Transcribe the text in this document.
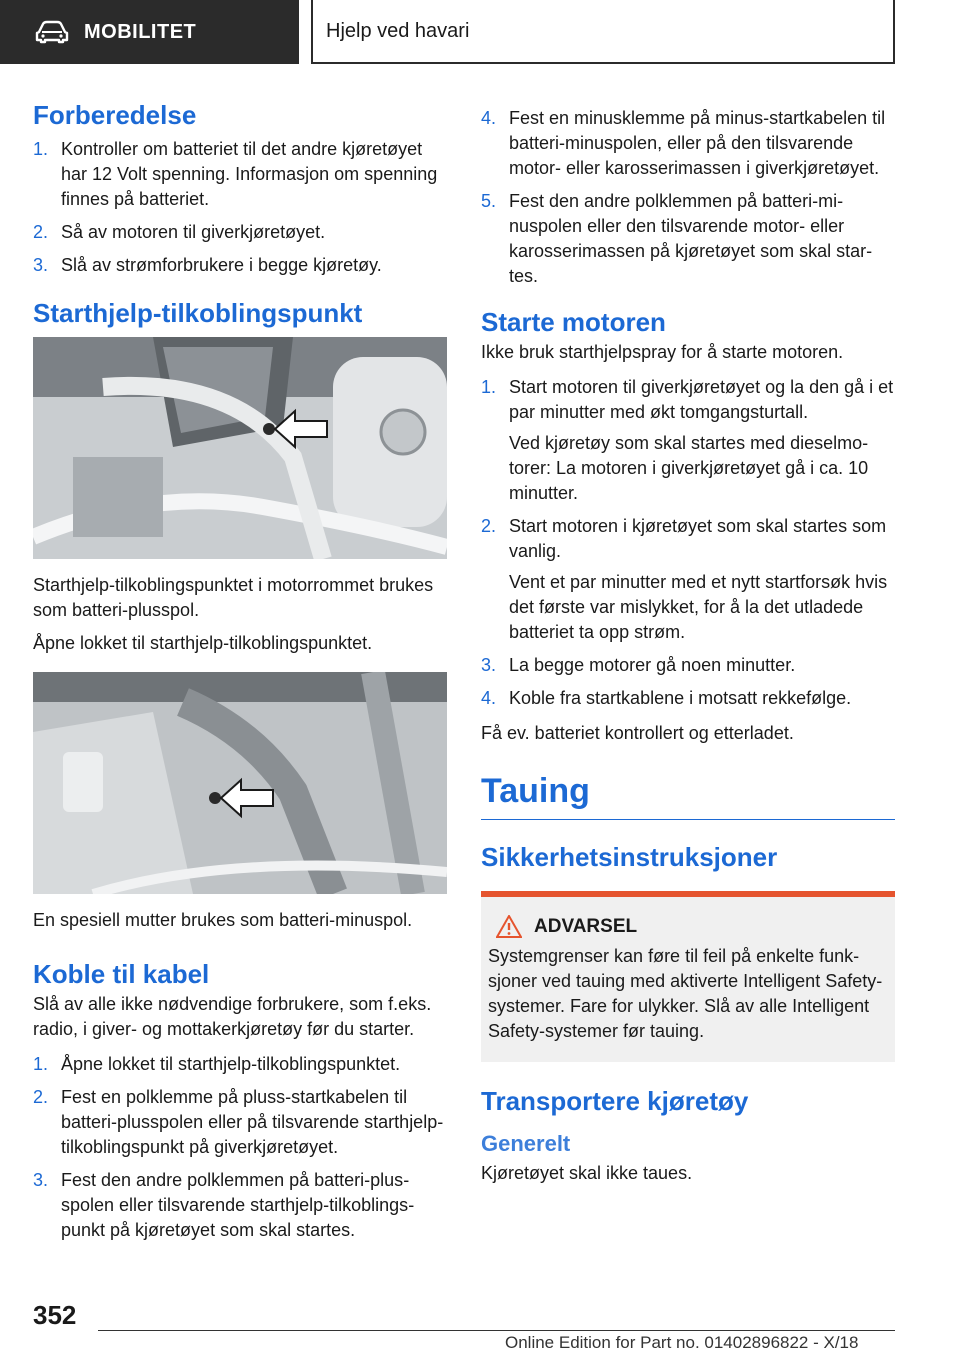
MOBILITET	Hjelp ved havari
Forberedelse
1. Kontroller om batteriet til det andre kjøretøyet har 12 Volt spenning. Informasjon om spenning finnes på batteriet.
2. Så av motoren til giverkjøretøyet.
3. Slå av strømforbrukere i begge kjøretøy.
Starthjelp-tilkoblingspunkt

Starthjelp-tilkoblingspunktet i motorrommet brukes som batteri-plusspol.

Åpne lokket til starthjelp-tilkoblingspunktet.

En spesiell mutter brukes som batteri-minuspol.

Koble til kabel

Slå av alle ikke nødvendige forbrukere, som f.eks. radio, i giver- og mottakerkjøretøy før du starter.

1. Åpne lokket til starthjelp-tilkoblingspunktet.
2. Fest en polklemme på pluss-startkabelen til batteri-plusspolen eller på tilsvarende starthjelp-tilkoblingspunkt på giverkjøretøyet.
3. Fest den andre polklemmen på batteri-plusspolen eller tilsvarende starthjelp-tilkoblingspunkt på kjøretøyet som skal startes.
4. Fest en minusklemme på minus-startkabelen til batteri-minuspolen, eller på den tilsvarende motor- eller karosserimassen i giverkjøretøyet.
5. Fest den andre polklemmen på batteri-minuspolen eller den tilsvarende motor- eller karosserimassen på kjøretøyet som skal startes.
Starte motoren

Ikke bruk starthjelpspray for å starte motoren.

1. Start motoren til giverkjøretøyet og la den gå i et par minutter med økt tomgangsturtall.
Ved kjøretøy som skal startes med dieselmotorer: La motoren i giverkjøretøyet gå i ca. 10 minutter.
2. Start motoren i kjøretøyet som skal startes som vanlig.
Vent et par minutter med et nytt startforsøk hvis det første var mislykket, for å la det utladede batteriet ta opp strøm.
3. La begge motorer gå noen minutter.
4. Koble fra startkablene i motsatt rekkefølge.

Få ev. batteriet kontrollert og etterladet.

Tauing
Sikkerhetsinstruksjoner
ADVARSEL

Systemgrenser kan føre til feil på enkelte funksjoner ved tauing med aktiverte Intelligent Safety-systemer. Fare for ulykker. Slå av alle Intelligent Safety-systemer før tauing.

Transportere kjøretøy
Generelt

Kjøretøyet skal ikke taues.

352
Online Edition for Part no. 01402896822 - X/18
